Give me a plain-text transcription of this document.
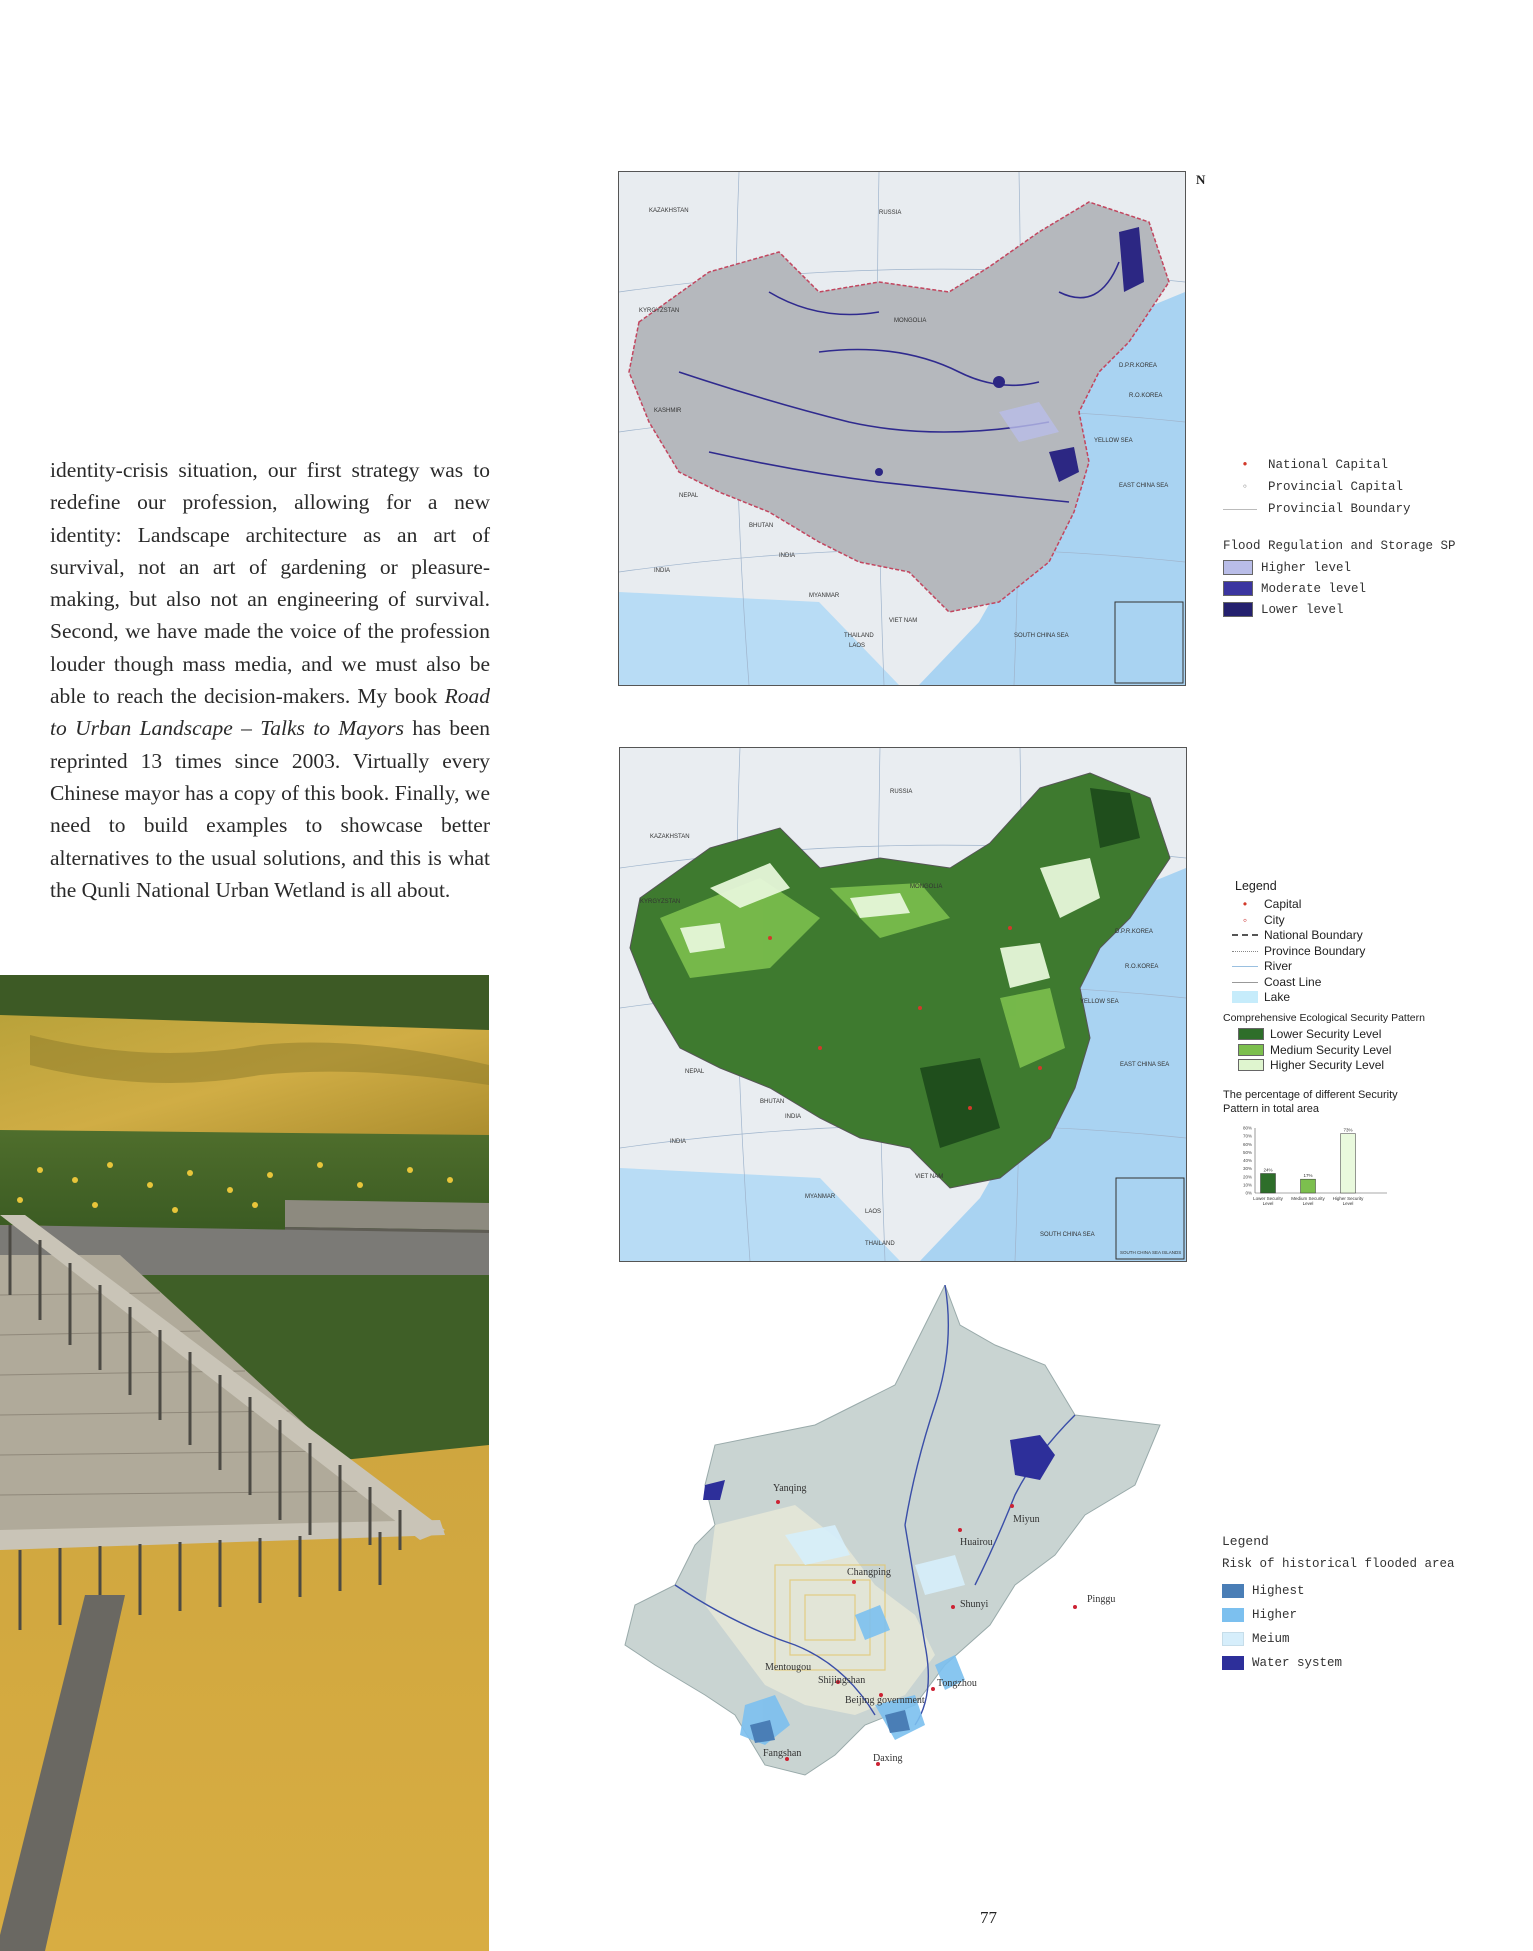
identity-crisis situation, our first strategy was to redefine our profession, allowing for a new identity: Landscape architecture as an art of survival, not an art of gardening or pleasure-making, but also not an engineering of survival. Second, we have made the voice of the profession louder though mass media, and we must also be able to reach the decision-makers. My book Road to Urban Landscape – Talks to Mayors has been reprinted 13 times since 2003. Virtually every Chinese mayor has a copy of this book. Finally, we need to build examples to showcase better alternatives to the usual solutions, and this is what the Qunli National Urban Wetland is all about.
KAZAKHSTAN	RUSSIA
MONGOLIA
KYRGYZSTAN
KASHMIR
NEPAL
BHUTAN
INDIA
INDIA
MYANMAR
VIET NAM
LAOS
THAILAND
D.P.R.KOREA
R.O.KOREA
YELLOW SEA
EAST CHINA SEA
SOUTH CHINA SEA
N
•	National Capital
◦	Provincial Capital
Provincial Boundary
Flood Regulation and Storage SP
Higher level
Moderate level
Lower level
KAZAKHSTAN
RUSSIA
MONGOLIA
KYRGYZSTAN
NEPAL
BHUTAN
INDIA
INDIA
MYANMAR
VIET NAM
LAOS
THAILAND
D.P.R.KOREA
R.O.KOREA
YELLOW SEA
EAST CHINA SEA
SOUTH CHINA SEA
SOUTH CHINA SEA ISLANDS
Legend
•	Capital
◦	City
National Boundary
Province Boundary
River
Coast Line
Lake
Comprehensive Ecological Security Pattern
Lower Security Level
Medium Security Level
Higher Security Level
The percentage of different Security Pattern in total area
80%
70%
60%
50%
40%
30%
20%
10%
0%
24%
17%
73%
Lower Security
Level
Medium Security
Level
Higher Security
Level
Yanqing
Huairou
Miyun
Changping
Shunyi	Pinggu
Mentougou
Shijingshan
Beijing government
Tongzhou
Fangshan	Daxing
Legend
Risk of historical flooded area
Highest
Higher
Meium
Water system
77
